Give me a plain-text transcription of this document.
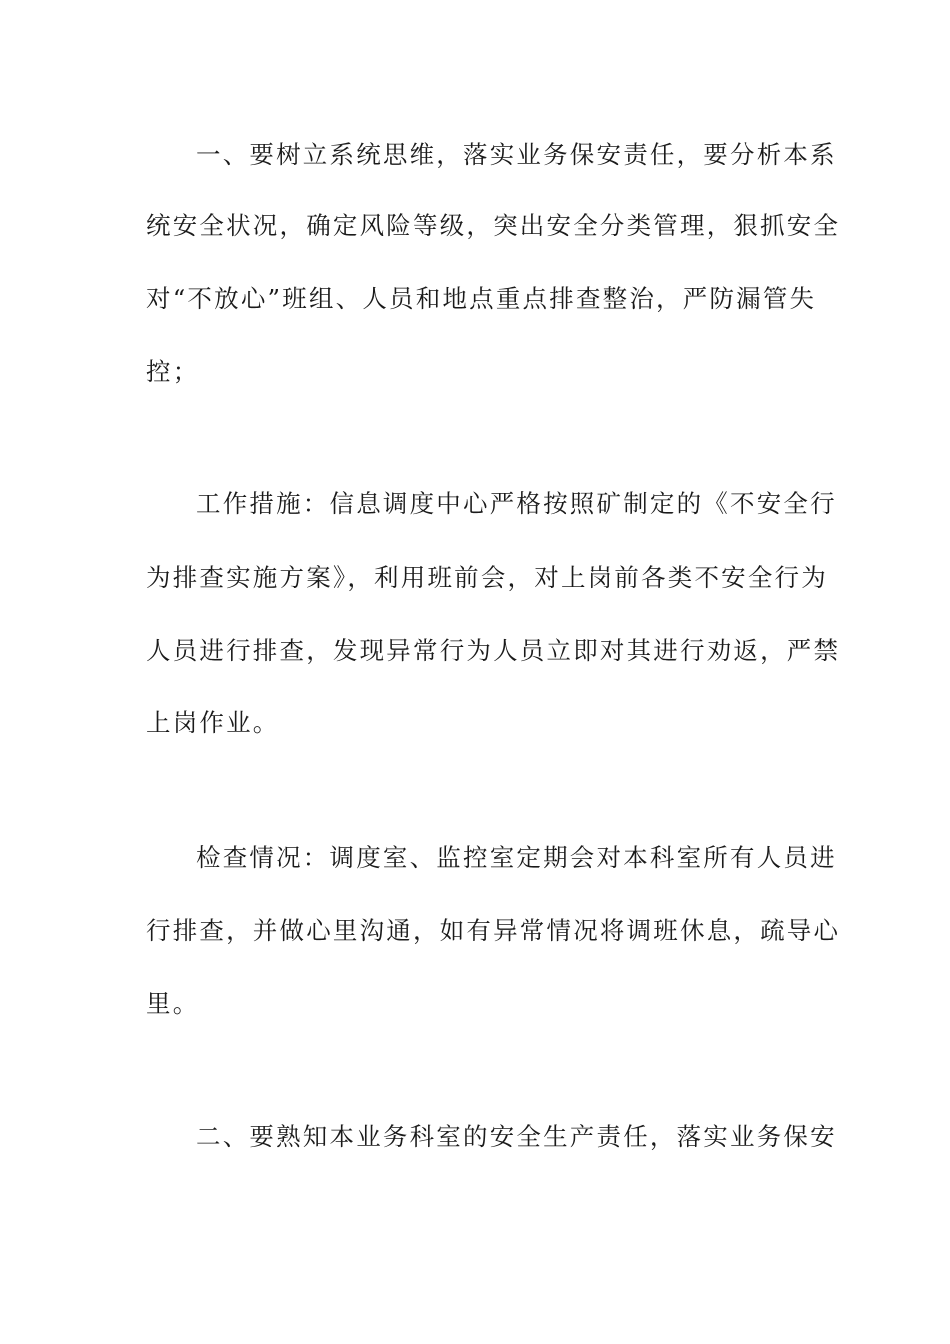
一、要树立系统思维，落实业务保安责任，要分析本系

统安全状况，确定风险等级，突出安全分类管理，狠抓安全

对“不放心”班组、人员和地点重点排查整治，严防漏管失

控；

工作措施：信息调度中心严格按照矿制定的《不安全行

为排查实施方案》，利用班前会，对上岗前各类不安全行为

人员进行排查，发现异常行为人员立即对其进行劝返，严禁

上岗作业。

检查情况：调度室、监控室定期会对本科室所有人员进

行排查，并做心里沟通，如有异常情况将调班休息，疏导心

里。

二、要熟知本业务科室的安全生产责任，落实业务保安
